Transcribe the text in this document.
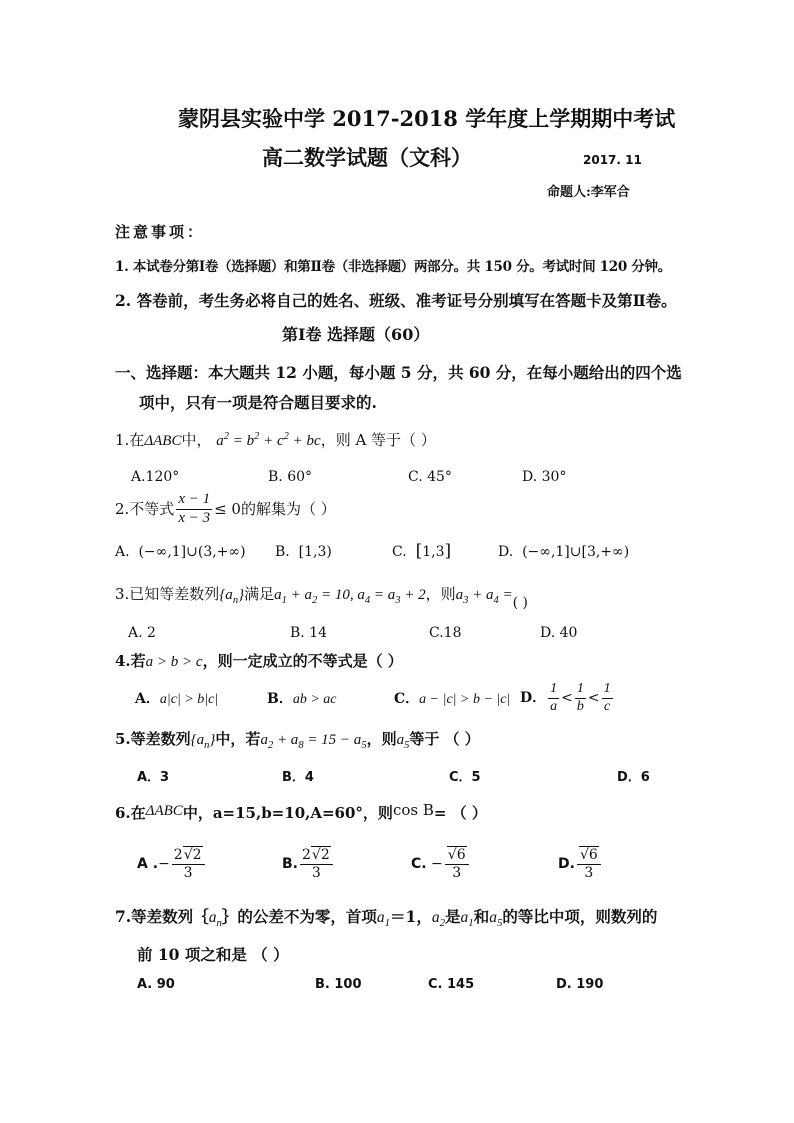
蒙阴县实验中学 2017-2018 学年度上学期期中考试
高二数学试题（文科）	2017. 11
命题人:李军合
注意事项：
1. 本试卷分第Ⅰ卷（选择题）和第Ⅱ卷（非选择题）两部分。共 150 分。考试时间 120 分钟。
2. 答卷前，考生务必将自己的姓名、班级、准考证号分别填写在答题卡及第Ⅱ卷。
第Ⅰ卷 选择题（60）
一、选择题：本大题共 12 小题，每小题 5 分，共 60 分，在每小题给出的四个选
项中，只有一项是符合题目要求的.
1.在ΔABC中， $a^2 = b^2 + c^2$ + bc，则 A 等于（ ）
A.120°	B. 60°	C. 45°	D. 30°
2.不等式 $\frac{x - 1}{x - 3} \le 0$的解集为（ ）
A.  (−∞,1]∪(3,+∞) B.  [1,3)	C. [1,3]	D.  (−∞,1]∪[3,+∞)
3.已知等差数列$\{a_n\}$满足$a_1 + a_2 = 10$, $a_4 = a_3 + 2$，则$a_3 + a_4$ =( )
A. 2	B. 14	C.18	D. 40
4.若a > b > c，则一定成立的不等式是（ ）
A．a|c| > b|c|	B．ab > ac	C．a − |c| > b − |c| D． $\frac{1}{a} < \frac{1}{b} < \frac{1}{c}$
5.等差数列$\{a_n\}$中，若$a_2 + a_8 = 15 - a_5$，则$a_5$等于 （ ）
A．3	B．4	C．5	D．6
6.在ΔABC中，a=15,b=10,A=60°，则cos B= （ ）
A .− $\frac{2√2}{3}$	B. $\frac{2√2}{3}$	C. − $\frac{√6}{3}$	D. $\frac{√6}{3}$
7.等差数列$\{a_n\}$的公差不为零，首项$a_1=1$，$a_2$是$a_1$和$a_5$的等比中项，则数列的
前 10 项之和是 （ ）
A. 90	B. 100	C. 145	D. 190
